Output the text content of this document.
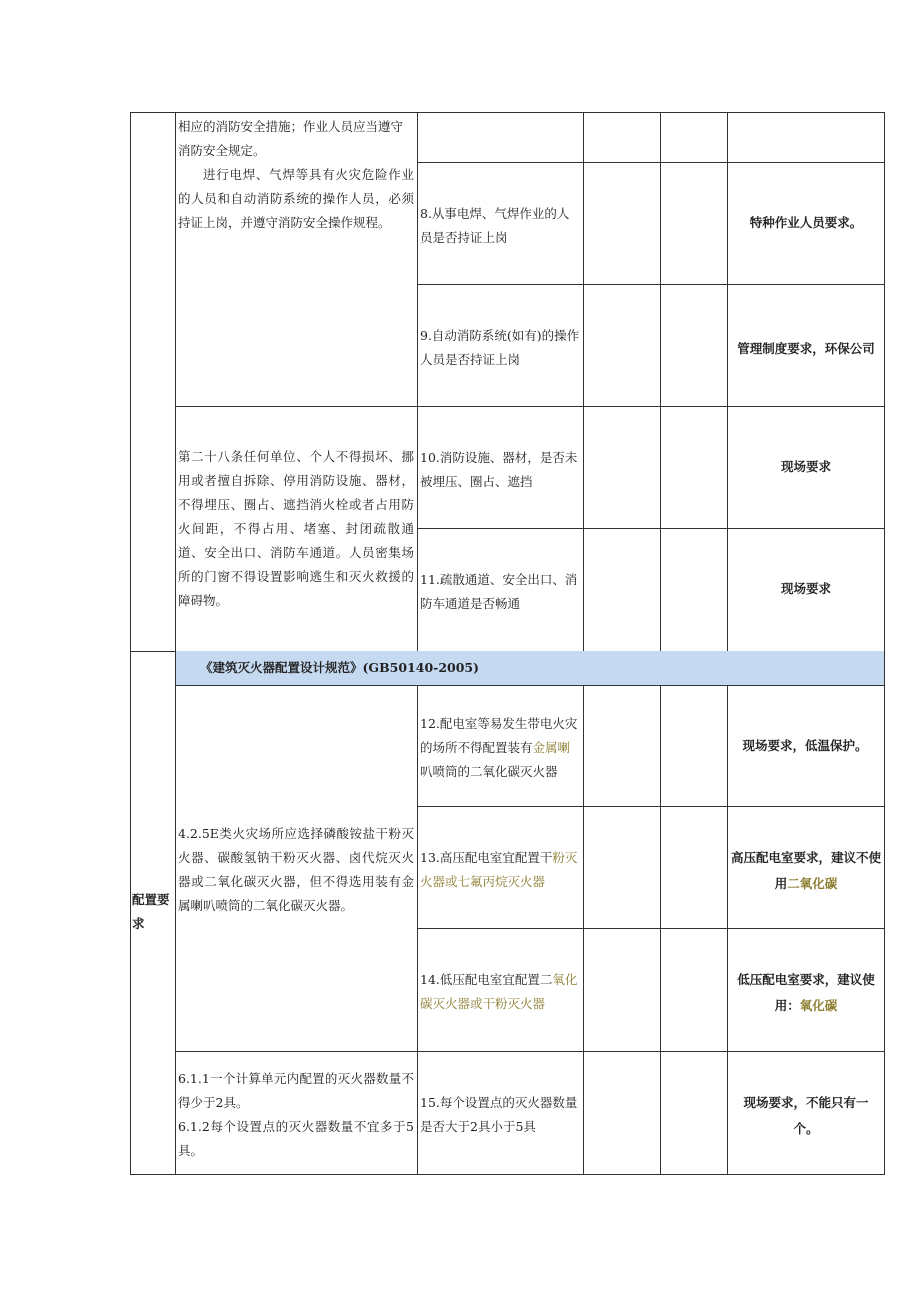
相应的消防安全措施；作业人员应当遵守

消防安全规定。

进行电焊、气焊等具有火灾危险作业的人员和自动消防系统的操作人员，必须持证上岗，并遵守消防安全操作规程。

第二十八条任何单位、个人不得损坏、挪用或者擅自拆除、停用消防设施、器材，不得埋压、圈占、遮挡消火栓或者占用防火间距，不得占用、堵塞、封闭疏散通道、安全出口、消防车通道。人员密集场所的门窗不得设置影响逃生和灭火救援的障碍物。
8.从事电焊、气焊作业的人员是否持证上岗
特种作业人员要求。
9.自动消防系统(如有)的操作人员是否持证上岗
管理制度要求，环保公司
10.消防设施、器材，是否未被埋压、圈占、遮挡
现场要求
11.疏散通道、安全出口、消防车通道是否畅通
现场要求
《建筑灭火器配置设计规范》(GB50140-2005)
配置要求
4.2.5E类火灾场所应选择磷酸铵盐干粉灭火器、碳酸氢钠干粉灭火器、卤代烷灭火器或二氧化碳灭火器，但不得选用装有金属喇叭喷筒的二氧化碳灭火器。
12.配电室等易发生带电火灾的场所不得配置装有金属喇叭喷筒的二氧化碳灭火器
现场要求，低温保护。
13.高压配电室宜配置干粉灭火器或七氟丙烷灭火器
高压配电室要求，建议不使用二氧化碳
14.低压配电室宜配置二氧化碳灭火器或干粉灭火器
低压配电室要求，建议使用：氧化碳

6.1.1一个计算单元内配置的灭火器数量不得少于2具。

6.1.2每个设置点的灭火器数量不宜多于5具。

15.每个设置点的灭火器数量是否大于2具小于5具
现场要求，不能只有一个。
